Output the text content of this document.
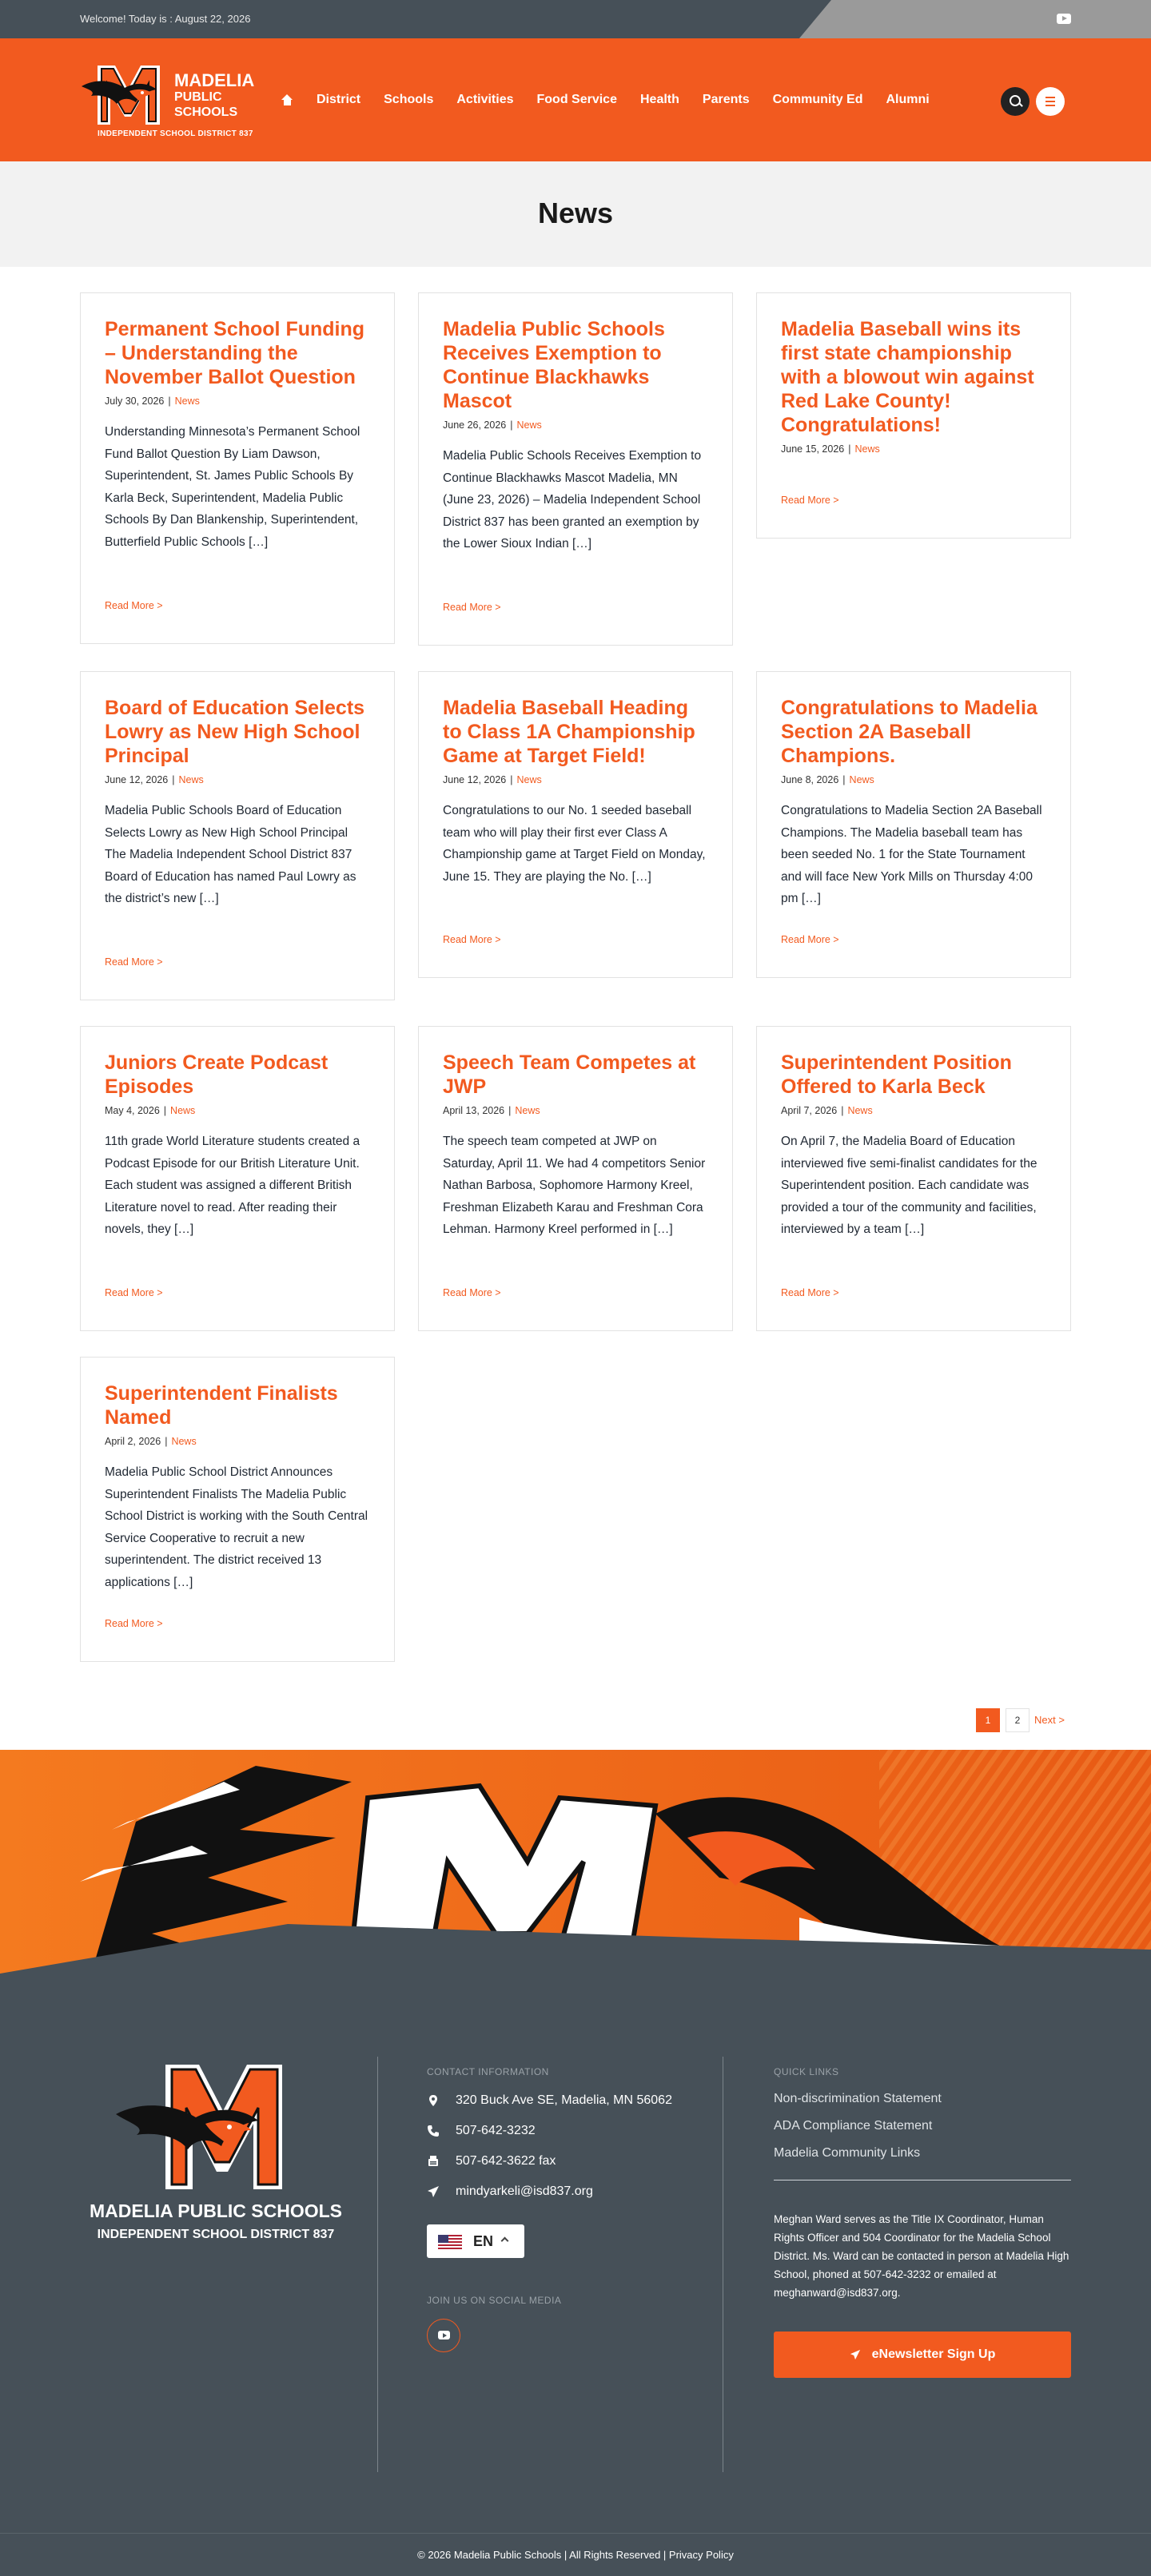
Welcome! Today is : August 22, 2026
MADELIA
PUBLIC
SCHOOLS
INDEPENDENT SCHOOL DISTRICT 837
District Schools Activities Food Service Health Parents Community Ed Alumni
News
Permanent School Funding – Understanding the November Ballot Question
July 30, 2026 | News
Understanding Minnesota’s Permanent School Fund Ballot Question By Liam Dawson, Superintendent, St. James Public Schools By Karla Beck, Superintendent, Madelia Public Schools By Dan Blankenship, Superintendent, Butterfield Public Schools […]
Read More >
Madelia Public Schools Receives Exemption to Continue Blackhawks Mascot
June 26, 2026 | News
Madelia Public Schools Receives Exemption to Continue Blackhawks Mascot Madelia, MN (June 23, 2026) – Madelia Independent School District 837 has been granted an exemption by the Lower Sioux Indian […]
Read More >
Madelia Baseball wins its first state championship with a blowout win against Red Lake County! Congratulations!
June 15, 2026 | News
Read More >
Board of Education Selects Lowry as New High School Principal
June 12, 2026 | News
Madelia Public Schools Board of Education Selects Lowry as New High School Principal The Madelia Independent School District 837 Board of Education has named Paul Lowry as the district’s new […]
Read More >
Madelia Baseball Heading to Class 1A Championship Game at Target Field!
June 12, 2026 | News
Congratulations to our No. 1 seeded baseball team who will play their first ever Class A Championship game at Target Field on Monday, June 15. They are playing the No. […]
Read More >
Congratulations to Madelia Section 2A Baseball Champions.
June 8, 2026 | News
Congratulations to Madelia Section 2A Baseball Champions. The Madelia baseball team has been seeded No. 1 for the State Tournament and will face New York Mills on Thursday 4:00 pm […]
Read More >
Juniors Create Podcast Episodes
May 4, 2026 | News
11th grade World Literature students created a Podcast Episode for our British Literature Unit. Each student was assigned a different British Literature novel to read. After reading their novels, they […]
Read More >
Speech Team Competes at JWP
April 13, 2026 | News
The speech team competed at JWP on Saturday, April 11. We had 4 competitors Senior Nathan Barbosa, Sophomore Harmony Kreel, Freshman Elizabeth Karau and Freshman Cora Lehman. Harmony Kreel performed in […]
Read More >
Superintendent Position Offered to Karla Beck
April 7, 2026 | News
On April 7, the Madelia Board of Education interviewed five semi-finalist candidates for the Superintendent position. Each candidate was provided a tour of the community and facilities, interviewed by a team […]
Read More >
Superintendent Finalists Named
April 2, 2026 | News
Madelia Public School District Announces Superintendent Finalists The Madelia Public School District is working with the South Central Service Cooperative to recruit a new superintendent. The district received 13 applications […]
Read More >
1	2	Next >
MADELIA PUBLIC SCHOOLS
INDEPENDENT SCHOOL DISTRICT 837
CONTACT INFORMATION
320 Buck Ave SE, Madelia, MN 56062
507-642-3232
507-642-3622 fax
mindyarkeli@isd837.org
EN
JOIN US ON SOCIAL MEDIA
QUICK LINKS
Non-discrimination Statement
ADA Compliance Statement
Madelia Community Links
Meghan Ward serves as the Title IX Coordinator, Human Rights Officer and 504 Coordinator for the Madelia School District. Ms. Ward can be contacted in person at Madelia High School, phoned at 507-642-3232 or emailed at meghanward@isd837.org.
eNewsletter Sign Up
© 2026 Madelia Public Schools | All Rights Reserved | Privacy Policy
